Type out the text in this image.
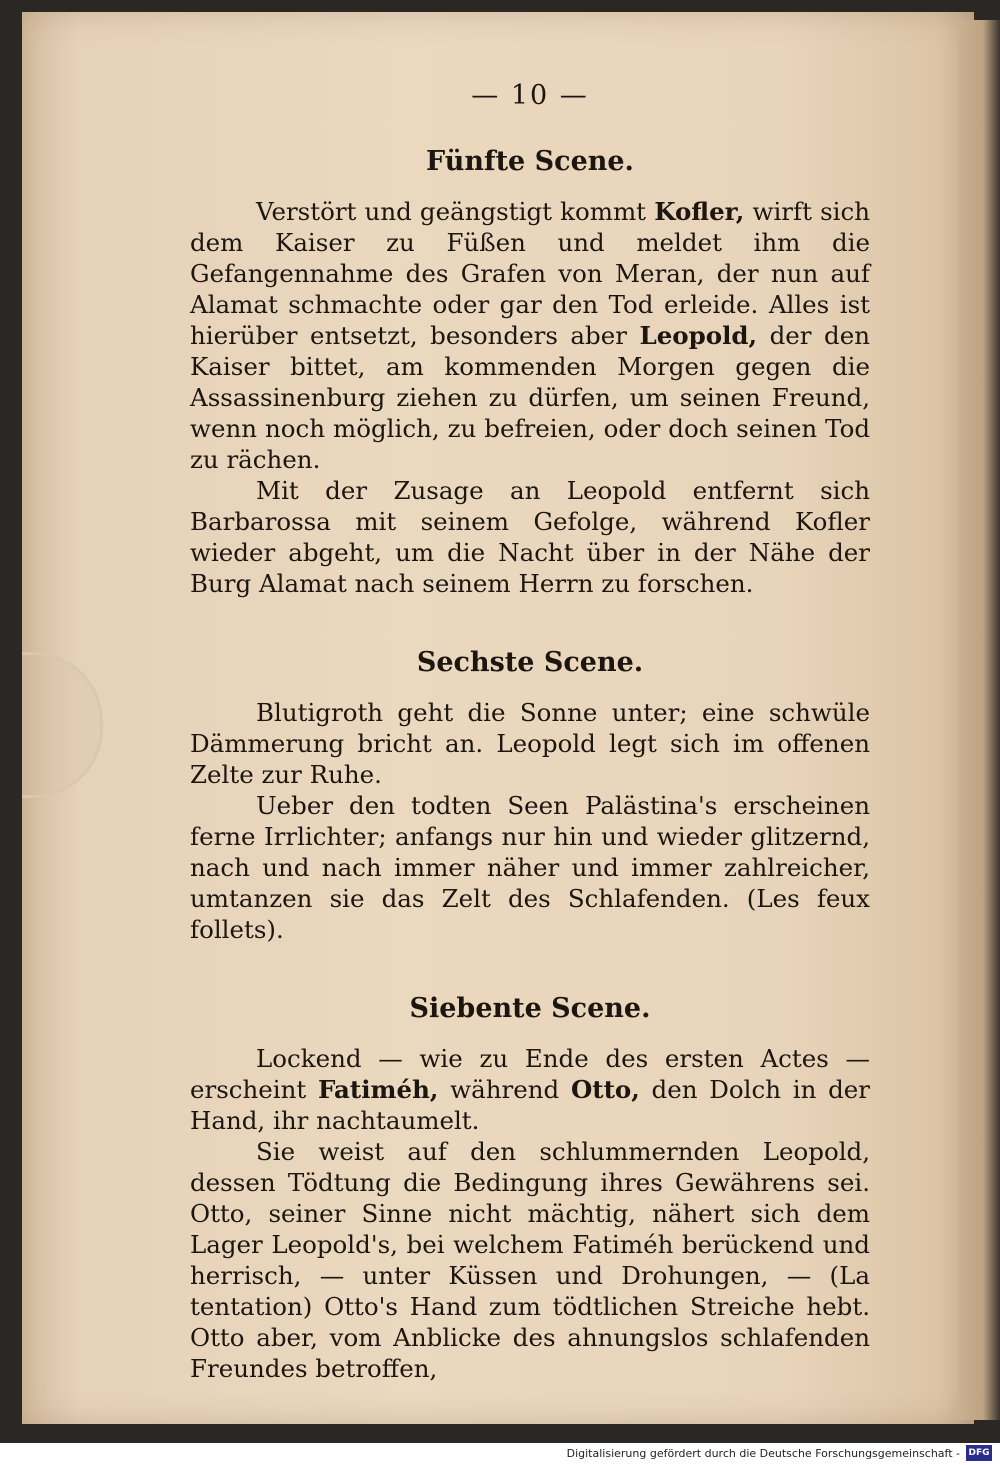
— 10 —
Fünfte Scene.

Verstört und geängstigt kommt Kofler, wirft sich dem Kaiser zu Füßen und meldet ihm die Gefangennahme des Grafen von Meran, der nun auf Alamat schmachte oder gar den Tod erleide. Alles ist hierüber entsetzt, besonders aber Leopold, der den Kaiser bittet, am kommenden Morgen gegen die Assassinenburg ziehen zu dürfen, um seinen Freund, wenn noch möglich, zu befreien, oder doch seinen Tod zu rächen.

Mit der Zusage an Leopold entfernt sich Barbarossa mit seinem Gefolge, während Kofler wieder abgeht, um die Nacht über in der Nähe der Burg Alamat nach seinem Herrn zu forschen.

Sechste Scene.

Blutigroth geht die Sonne unter; eine schwüle Dämmerung bricht an. Leopold legt sich im offenen Zelte zur Ruhe.

Ueber den todten Seen Palästina's erscheinen ferne Irrlichter; anfangs nur hin und wieder glitzernd, nach und nach immer näher und immer zahlreicher, umtanzen sie das Zelt des Schlafenden. (Les feux follets).

Siebente Scene.

Lockend — wie zu Ende des ersten Actes — erscheint Fatiméh, während Otto, den Dolch in der Hand, ihr nachtaumelt.

Sie weist auf den schlummernden Leopold, dessen Tödtung die Bedingung ihres Gewährens sei. Otto, seiner Sinne nicht mächtig, nähert sich dem Lager Leopold's, bei welchem Fatiméh berückend und herrisch, — unter Küssen und Drohungen, — (La tentation) Otto's Hand zum tödtlichen Streiche hebt. Otto aber, vom Anblicke des ahnungslos schlafenden Freundes betroffen,

Digitalisierung gefördert durch die Deutsche Forschungsgemeinschaft - DFG
